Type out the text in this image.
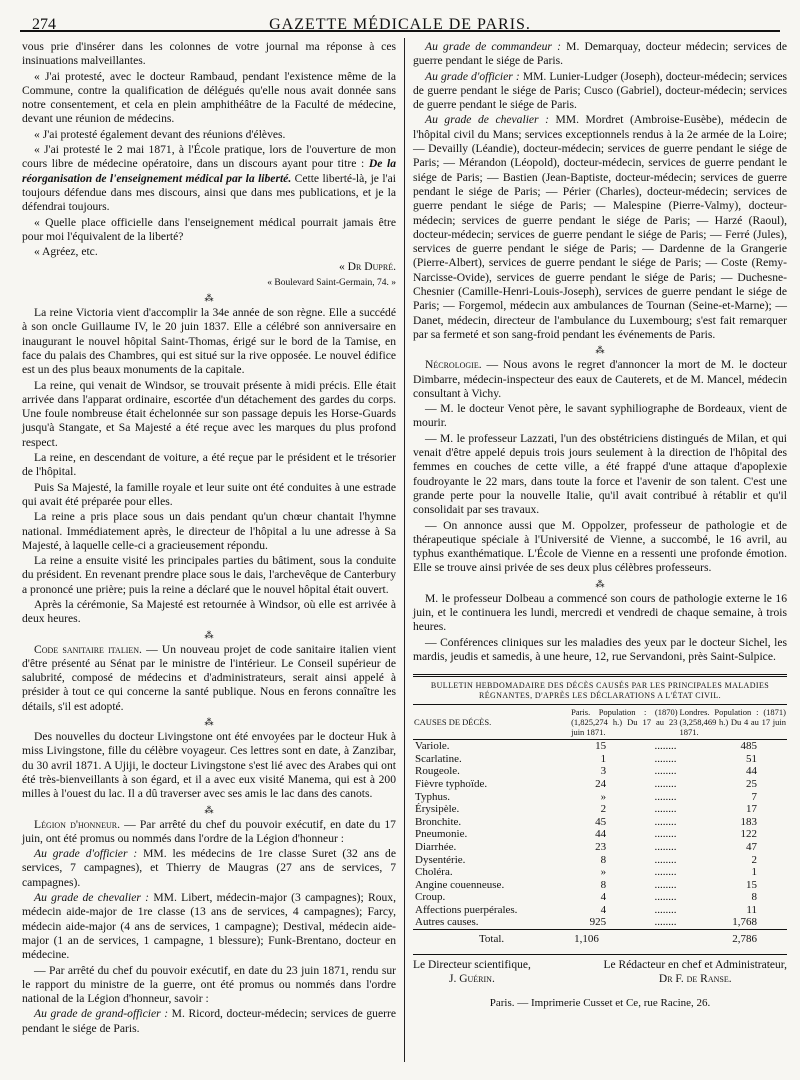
274	GAZETTE MÉDICALE DE PARIS.

vous prie d'insérer dans les colonnes de votre journal ma réponse à ces insinuations malveillantes.

« J'ai protesté, avec le docteur Rambaud, pendant l'existence même de la Commune, contre la qualification de délégués qu'elle nous avait donnée sans notre consentement, et cela en plein amphithéâtre de la Faculté de médecine, devant une réunion de médecins.

« J'ai protesté également devant des réunions d'élèves.

« J'ai protesté le 2 mai 1871, à l'École pratique, lors de l'ouverture de mon cours libre de médecine opératoire, dans un discours ayant pour titre : De la réorganisation de l'enseignement médical par la liberté. Cette liberté-là, je l'ai toujours défendue dans mes discours, ainsi que dans mes publications, et je la défendrai toujours.

« Quelle place officielle dans l'enseignement médical pourrait jamais être pour moi l'équivalent de la liberté?

« Agréez, etc.

« Dr Dupré.

« Boulevard Saint-Germain, 74. »

⁂

La reine Victoria vient d'accomplir la 34e année de son règne. Elle a succédé à son oncle Guillaume IV, le 20 juin 1837. Elle a célébré son anniversaire en inaugurant le nouvel hôpital Saint-Thomas, érigé sur le bord de la Tamise, en face du palais des Chambres, qui est situé sur la rive opposée. Le nouvel édifice est un des plus beaux monuments de la capitale.

La reine, qui venait de Windsor, se trouvait présente à midi précis. Elle était arrivée dans l'apparat ordinaire, escortée d'un détachement des gardes du corps. Une foule nombreuse était échelonnée sur son passage depuis les Horse-Guards jusqu'à Stangate, et Sa Majesté a été reçue avec les marques du plus profond respect.

La reine, en descendant de voiture, a été reçue par le président et le trésorier de l'hôpital.

Puis Sa Majesté, la famille royale et leur suite ont été conduites à une estrade qui avait été préparée pour elles.

La reine a pris place sous un dais pendant qu'un chœur chantait l'hymne national. Immédiatement après, le directeur de l'hôpital a lu une adresse à Sa Majesté, à laquelle celle-ci a gracieusement répondu.

La reine a ensuite visité les principales parties du bâtiment, sous la conduite du président. En revenant prendre place sous le dais, l'archevêque de Canterbury a prononcé une prière; puis la reine a déclaré que le nouvel hôpital était ouvert.

Après la cérémonie, Sa Majesté est retournée à Windsor, où elle est arrivée à deux heures.

⁂

Code sanitaire italien. — Un nouveau projet de code sanitaire italien vient d'être présenté au Sénat par le ministre de l'intérieur. Le Conseil supérieur de salubrité, composé de médecins et d'administrateurs, serait ainsi appelé à présider à tout ce qui concerne la santé publique. Nous en ferons connaître les détails, s'il est adopté.

⁂

Des nouvelles du docteur Livingstone ont été envoyées par le docteur Huk à miss Livingstone, fille du célèbre voyageur. Ces lettres sont en date, à Zanzibar, du 30 avril 1871. A Ujiji, le docteur Livingstone s'est lié avec des Arabes qui ont été très-bienveillants à son égard, et il a avec eux visité Manema, qui est à 200 milles à l'ouest du lac. Il a dû traverser avec ses amis le lac dans des canots.

⁂

Légion d'honneur. — Par arrêté du chef du pouvoir exécutif, en date du 17 juin, ont été promus ou nommés dans l'ordre de la Légion d'honneur :

Au grade d'officier : MM. les médecins de 1re classe Suret (32 ans de services, 7 campagnes), et Thierry de Maugras (27 ans de services, 7 campagnes).

Au grade de chevalier : MM. Libert, médecin-major (3 campagnes); Roux, médecin aide-major de 1re classe (13 ans de services, 4 campagnes); Farcy, médecin aide-major (4 ans de services, 1 campagne); Destival, médecin aide-major (1 an de services, 1 campagne, 1 blessure); Funk-Brentano, docteur en médecine.

— Par arrêté du chef du pouvoir exécutif, en date du 23 juin 1871, rendu sur le rapport du ministre de la guerre, ont été promus ou nommés dans l'ordre national de la Légion d'honneur, savoir :

Au grade de grand-officier : M. Ricord, docteur-médecin; services de guerre pendant le siége de Paris.

Au grade de commandeur : M. Demarquay, docteur médecin; services de guerre pendant le siége de Paris.

Au grade d'officier : MM. Lunier-Ludger (Joseph), docteur-médecin; services de guerre pendant le siége de Paris; Cusco (Gabriel), docteur-médecin; services de guerre pendant le siége de Paris.

Au grade de chevalier : MM. Mordret (Ambroise-Eusèbe), médecin de l'hôpital civil du Mans; services exceptionnels rendus à la 2e armée de la Loire; — Devailly (Léandie), docteur-médecin; services de guerre pendant le siége de Paris; — Mérandon (Léopold), docteur-médecin, services de guerre pendant le siége de Paris; — Bastien (Jean-Baptiste, docteur-médecin; services de guerre pendant le siége de Paris; — Périer (Charles), docteur-médecin; services de guerre pendant le siége de Paris; — Malespine (Pierre-Valmy), docteur-médecin; services de guerre pendant le siége de Paris; — Harzé (Raoul), docteur-médecin; services de guerre pendant le siége de Paris; — Ferré (Jules), services de guerre pendant le siége de Paris; — Dardenne de la Grangerie (Pierre-Albert), services de guerre pendant le siége de Paris; — Coste (Remy-Narcisse-Ovide), services de guerre pendant le siége de Paris; — Duchesne-Chesnier (Camille-Henri-Louis-Joseph), services de guerre pendant le siége de Paris; — Forgemol, médecin aux ambulances de Tournan (Seine-et-Marne); — Danet, médecin, directeur de l'ambulance du Luxembourg; s'est fait remarquer par sa fermeté et son sang-froid pendant les événements de Paris.

⁂

Nécrologie. — Nous avons le regret d'annoncer la mort de M. le docteur Dimbarre, médecin-inspecteur des eaux de Cauterets, et de M. Mancel, médecin consultant à Vichy.

— M. le docteur Venot père, le savant syphiliographe de Bordeaux, vient de mourir.

— M. le professeur Lazzati, l'un des obstétriciens distingués de Milan, et qui venait d'être appelé depuis trois jours seulement à la direction de l'hôpital des femmes en couches de cette ville, a été frappé d'une attaque d'apoplexie foudroyante le 22 mars, dans toute la force et l'avenir de son talent. C'est une grande perte pour la nouvelle Italie, qu'il avait contribué à rétablir et qu'il consolidait par ses travaux.

— On annonce aussi que M. Oppolzer, professeur de pathologie et de thérapeutique spéciale à l'Université de Vienne, a succombé, le 16 avril, au typhus exanthématique. L'École de Vienne en a ressenti une profonde émotion. Elle se trouve ainsi privée de ses deux plus célèbres professeurs.

⁂

M. le professeur Dolbeau a commencé son cours de pathologie externe le 16 juin, et le continuera les lundi, mercredi et vendredi de chaque semaine, à trois heures.

— Conférences cliniques sur les maladies des yeux par le docteur Sichel, les mardis, jeudis et samedis, à une heure, 12, rue Servandoni, près Saint-Sulpice.

BULLETIN HEBDOMADAIRE DES DÉCÈS CAUSÉS PAR LES PRINCIPALES MALADIES
RÉGNANTES, D'APRÈS LES DÉCLARATIONS A L'ÉTAT CIVIL.
CAUSES DE DÉCÈS.	Paris. Population : (1870) (1,825,274 h.) Du 17 au 23 juin 1871.	Londres. Population : (1871) (3,258,469 h.) Du 4 au 17 juin 1871.
Variole.	15 ........	485
Scarlatine.	1 ........	51
Rougeole.	3 ........	44
Fièvre typhoïde.	24 ........	25
Typhus.	» ........	7
Érysipèle.	2 ........	17
Bronchite.	45 ........	183
Pneumonie.	44 ........	122
Diarrhée.	23 ........	47
Dysentérie.	8 ........	2
Choléra.	» ........	1
Angine couenneuse.	8 ........	15
Croup.	4 ........	8
Affections puerpérales.	4 ........	11
Autres causes.	925 ........	1,768
Total.	1,106	2,786
Le Directeur scientifique,
J. Guérin.
Le Rédacteur en chef et Administrateur,
Dr F. de Ranse.
Paris. — Imprimerie Cusset et Ce, rue Racine, 26.
